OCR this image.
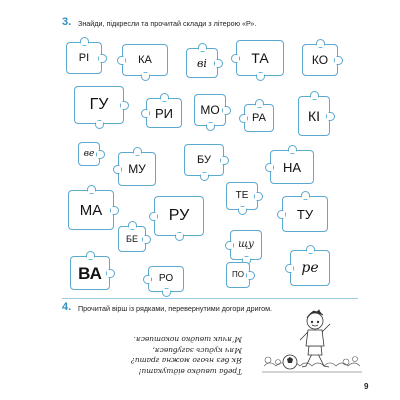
3. Знайди, підкресли та прочитай склади з літерою «Р».
РІ	КА	ві	ТА	КО
ГУ	РИ МО
РА	КІ
ве
МУ
БУ	НА
ТЕ
МА	РУ	ТУ
БЕ
щу
ВА	РО	ПО	ре
4. Прочитай вірш із рядками, перевернутими догори дригом.
Треба швидко відшукати!
Як без нього можна грати?
Мяч кудись загубився,
М’ячик швидко покотився.
9
